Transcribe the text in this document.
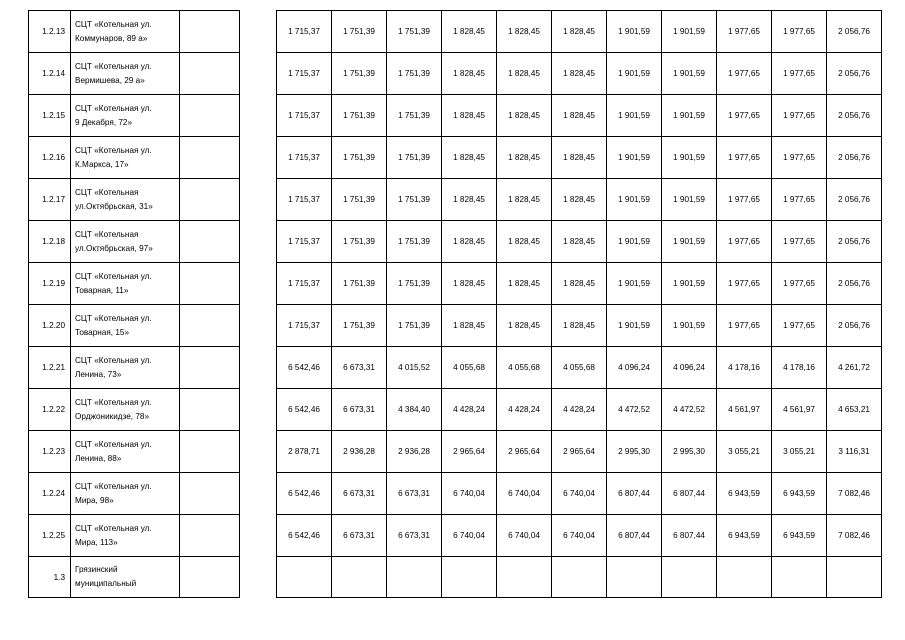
1.2.13	СЦТ «Котельная ул.
Коммунаров, 89 а»			1 715,37	1 751,39	1 751,39	1 828,45	1 828,45	1 828,45	1 901,59	1 901,59	1 977,65	1 977,65	2 056,76
1.2.14	СЦТ «Котельная ул.
Вермишева, 29 а»			1 715,37	1 751,39	1 751,39	1 828,45	1 828,45	1 828,45	1 901,59	1 901,59	1 977,65	1 977,65	2 056,76
1.2.15	СЦТ «Котельная ул.
9 Декабря, 72»			1 715,37	1 751,39	1 751,39	1 828,45	1 828,45	1 828,45	1 901,59	1 901,59	1 977,65	1 977,65	2 056,76
1.2.16	СЦТ «Котельная ул.
К.Маркса, 17»			1 715,37	1 751,39	1 751,39	1 828,45	1 828,45	1 828,45	1 901,59	1 901,59	1 977,65	1 977,65	2 056,76
1.2.17	СЦТ «Котельная
ул.Октябрьская, 31»			1 715,37	1 751,39	1 751,39	1 828,45	1 828,45	1 828,45	1 901,59	1 901,59	1 977,65	1 977,65	2 056,76
1.2.18	СЦТ «Котельная
ул.Октябрьская, 97»			1 715,37	1 751,39	1 751,39	1 828,45	1 828,45	1 828,45	1 901,59	1 901,59	1 977,65	1 977,65	2 056,76
1.2.19	СЦТ «Котельная ул.
Товарная, 11»			1 715,37	1 751,39	1 751,39	1 828,45	1 828,45	1 828,45	1 901,59	1 901,59	1 977,65	1 977,65	2 056,76
1.2.20	СЦТ «Котельная ул.
Товарная, 15»			1 715,37	1 751,39	1 751,39	1 828,45	1 828,45	1 828,45	1 901,59	1 901,59	1 977,65	1 977,65	2 056,76
1.2.21	СЦТ «Котельная ул.
Ленина, 73»			6 542,46	6 673,31	4 015,52	4 055,68	4 055,68	4 055,68	4 096,24	4 096,24	4 178,16	4 178,16	4 261,72
1.2.22	СЦТ «Котельная ул.
Орджоникидзе, 78»			6 542,46	6 673,31	4 384,40	4 428,24	4 428,24	4 428,24	4 472,52	4 472,52	4 561,97	4 561,97	4 653,21
1.2.23	СЦТ «Котельная ул.
Ленина, 88»			2 878,71	2 936,28	2 936,28	2 965,64	2 965,64	2 965,64	2 995,30	2 995,30	3 055,21	3 055,21	3 116,31
1.2.24	СЦТ «Котельная ул.
Мира, 98»			6 542,46	6 673,31	6 673,31	6 740,04	6 740,04	6 740,04	6 807,44	6 807,44	6 943,59	6 943,59	7 082,46
1.2.25	СЦТ «Котельная ул.
Мира, 113»			6 542,46	6 673,31	6 673,31	6 740,04	6 740,04	6 740,04	6 807,44	6 807,44	6 943,59	6 943,59	7 082,46
1.3	Грязинский
муниципальный													
